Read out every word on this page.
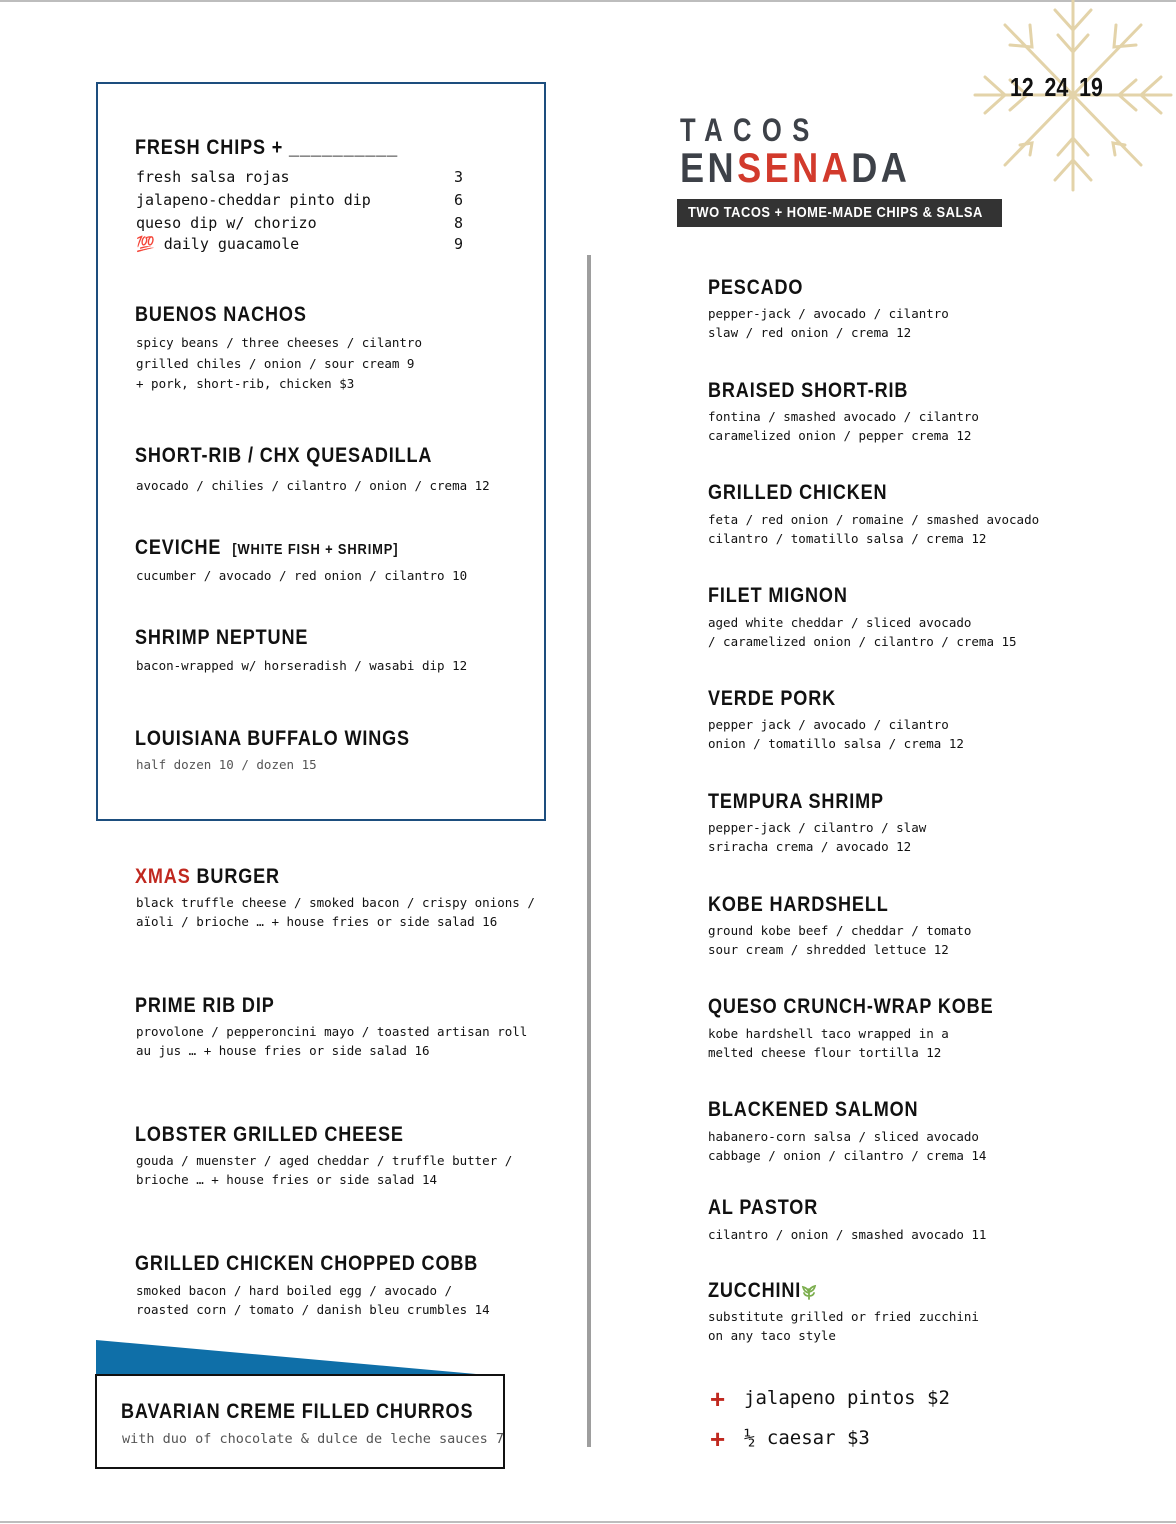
12 24 19
TACOS
ENSENADA
TWO TACOS + HOME-MADE CHIPS & SALSA
FRESH CHIPS + __________
fresh salsa rojas	3
jalapeno-cheddar pinto dip	6
queso dip w/ chorizo	8
💯 daily guacamole	9
BUENOS NACHOS
spicy beans / three cheeses / cilantro
grilled chiles / onion / sour cream 9
+ pork, short-rib, chicken $3
SHORT-RIB / CHX QUESADILLA
avocado / chilies / cilantro / onion / crema 12
CEVICHE [WHITE FISH + SHRIMP]
cucumber / avocado / red onion / cilantro 10
SHRIMP NEPTUNE
bacon-wrapped w/ horseradish / wasabi dip 12
LOUISIANA BUFFALO WINGS
half dozen 10 / dozen 15
XMAS BURGER
black truffle cheese / smoked bacon / crispy onions /
aïoli / brioche … + house fries or side salad 16
PRIME RIB DIP
provolone / pepperoncini mayo / toasted artisan roll
au jus … + house fries or side salad 16
LOBSTER GRILLED CHEESE
gouda / muenster / aged cheddar / truffle butter /
brioche … + house fries or side salad 14
GRILLED CHICKEN CHOPPED COBB
smoked bacon / hard boiled egg / avocado /
roasted corn / tomato / danish bleu crumbles 14
BAVARIAN CREME FILLED CHURROS
with duo of chocolate & dulce de leche sauces 7
PESCADO
pepper-jack / avocado / cilantro
slaw / red onion / crema 12
BRAISED SHORT-RIB
fontina / smashed avocado / cilantro
caramelized onion / pepper crema 12
GRILLED CHICKEN
feta / red onion / romaine / smashed avocado
cilantro / tomatillo salsa / crema 12
FILET MIGNON
aged white cheddar / sliced avocado
/ caramelized onion / cilantro / crema 15
VERDE PORK
pepper jack / avocado / cilantro
onion / tomatillo salsa / crema 12
TEMPURA SHRIMP
pepper-jack / cilantro / slaw
sriracha crema / avocado 12
KOBE HARDSHELL
ground kobe beef / cheddar / tomato
sour cream / shredded lettuce 12
QUESO CRUNCH-WRAP KOBE
kobe hardshell taco wrapped in a
melted cheese flour tortilla 12
BLACKENED SALMON
habanero-corn salsa / sliced avocado
cabbage / onion / cilantro / crema 14
AL PASTOR
cilantro / onion / smashed avocado 11
ZUCCHINI
substitute grilled or fried zucchini
on any taco style
+ jalapeno pintos $2
+ ½ caesar $3
